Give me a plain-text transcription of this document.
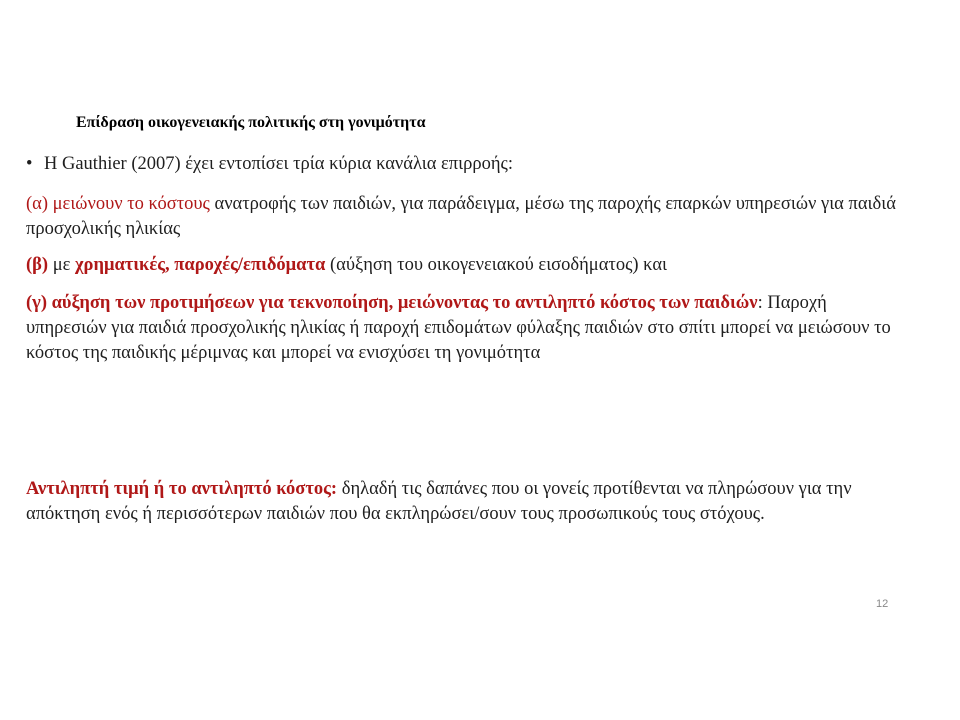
Επίδραση οικογενειακής πολιτικής στη γονιμότητα

• Η Gauthier (2007) έχει εντοπίσει τρία κύρια κανάλια επιρροής:

(α) μειώνουν το κόστους ανατροφής των παιδιών, για παράδειγμα, μέσω της παροχής επαρκών υπηρεσιών για παιδιά προσχολικής ηλικίας

(β) με χρηματικές, παροχές/επιδόματα (αύξηση του οικογενειακού εισοδήματος) και

(γ) αύξηση των προτιμήσεων για τεκνοποίηση, μειώνοντας το αντιληπτό κόστος των παιδιών: Παροχή υπηρεσιών για παιδιά προσχολικής ηλικίας ή παροχή επιδομάτων φύλαξης παιδιών στο σπίτι μπορεί να μειώσουν το κόστος της παιδικής μέριμνας και μπορεί να ενισχύσει τη γονιμότητα

Αντιληπτή τιμή ή το αντιληπτό κόστος: δηλαδή τις δαπάνες που οι γονείς προτίθενται να πληρώσουν για την απόκτηση ενός ή περισσότερων παιδιών που θα εκπληρώσει/σουν τους προσωπικούς τους στόχους.

12
